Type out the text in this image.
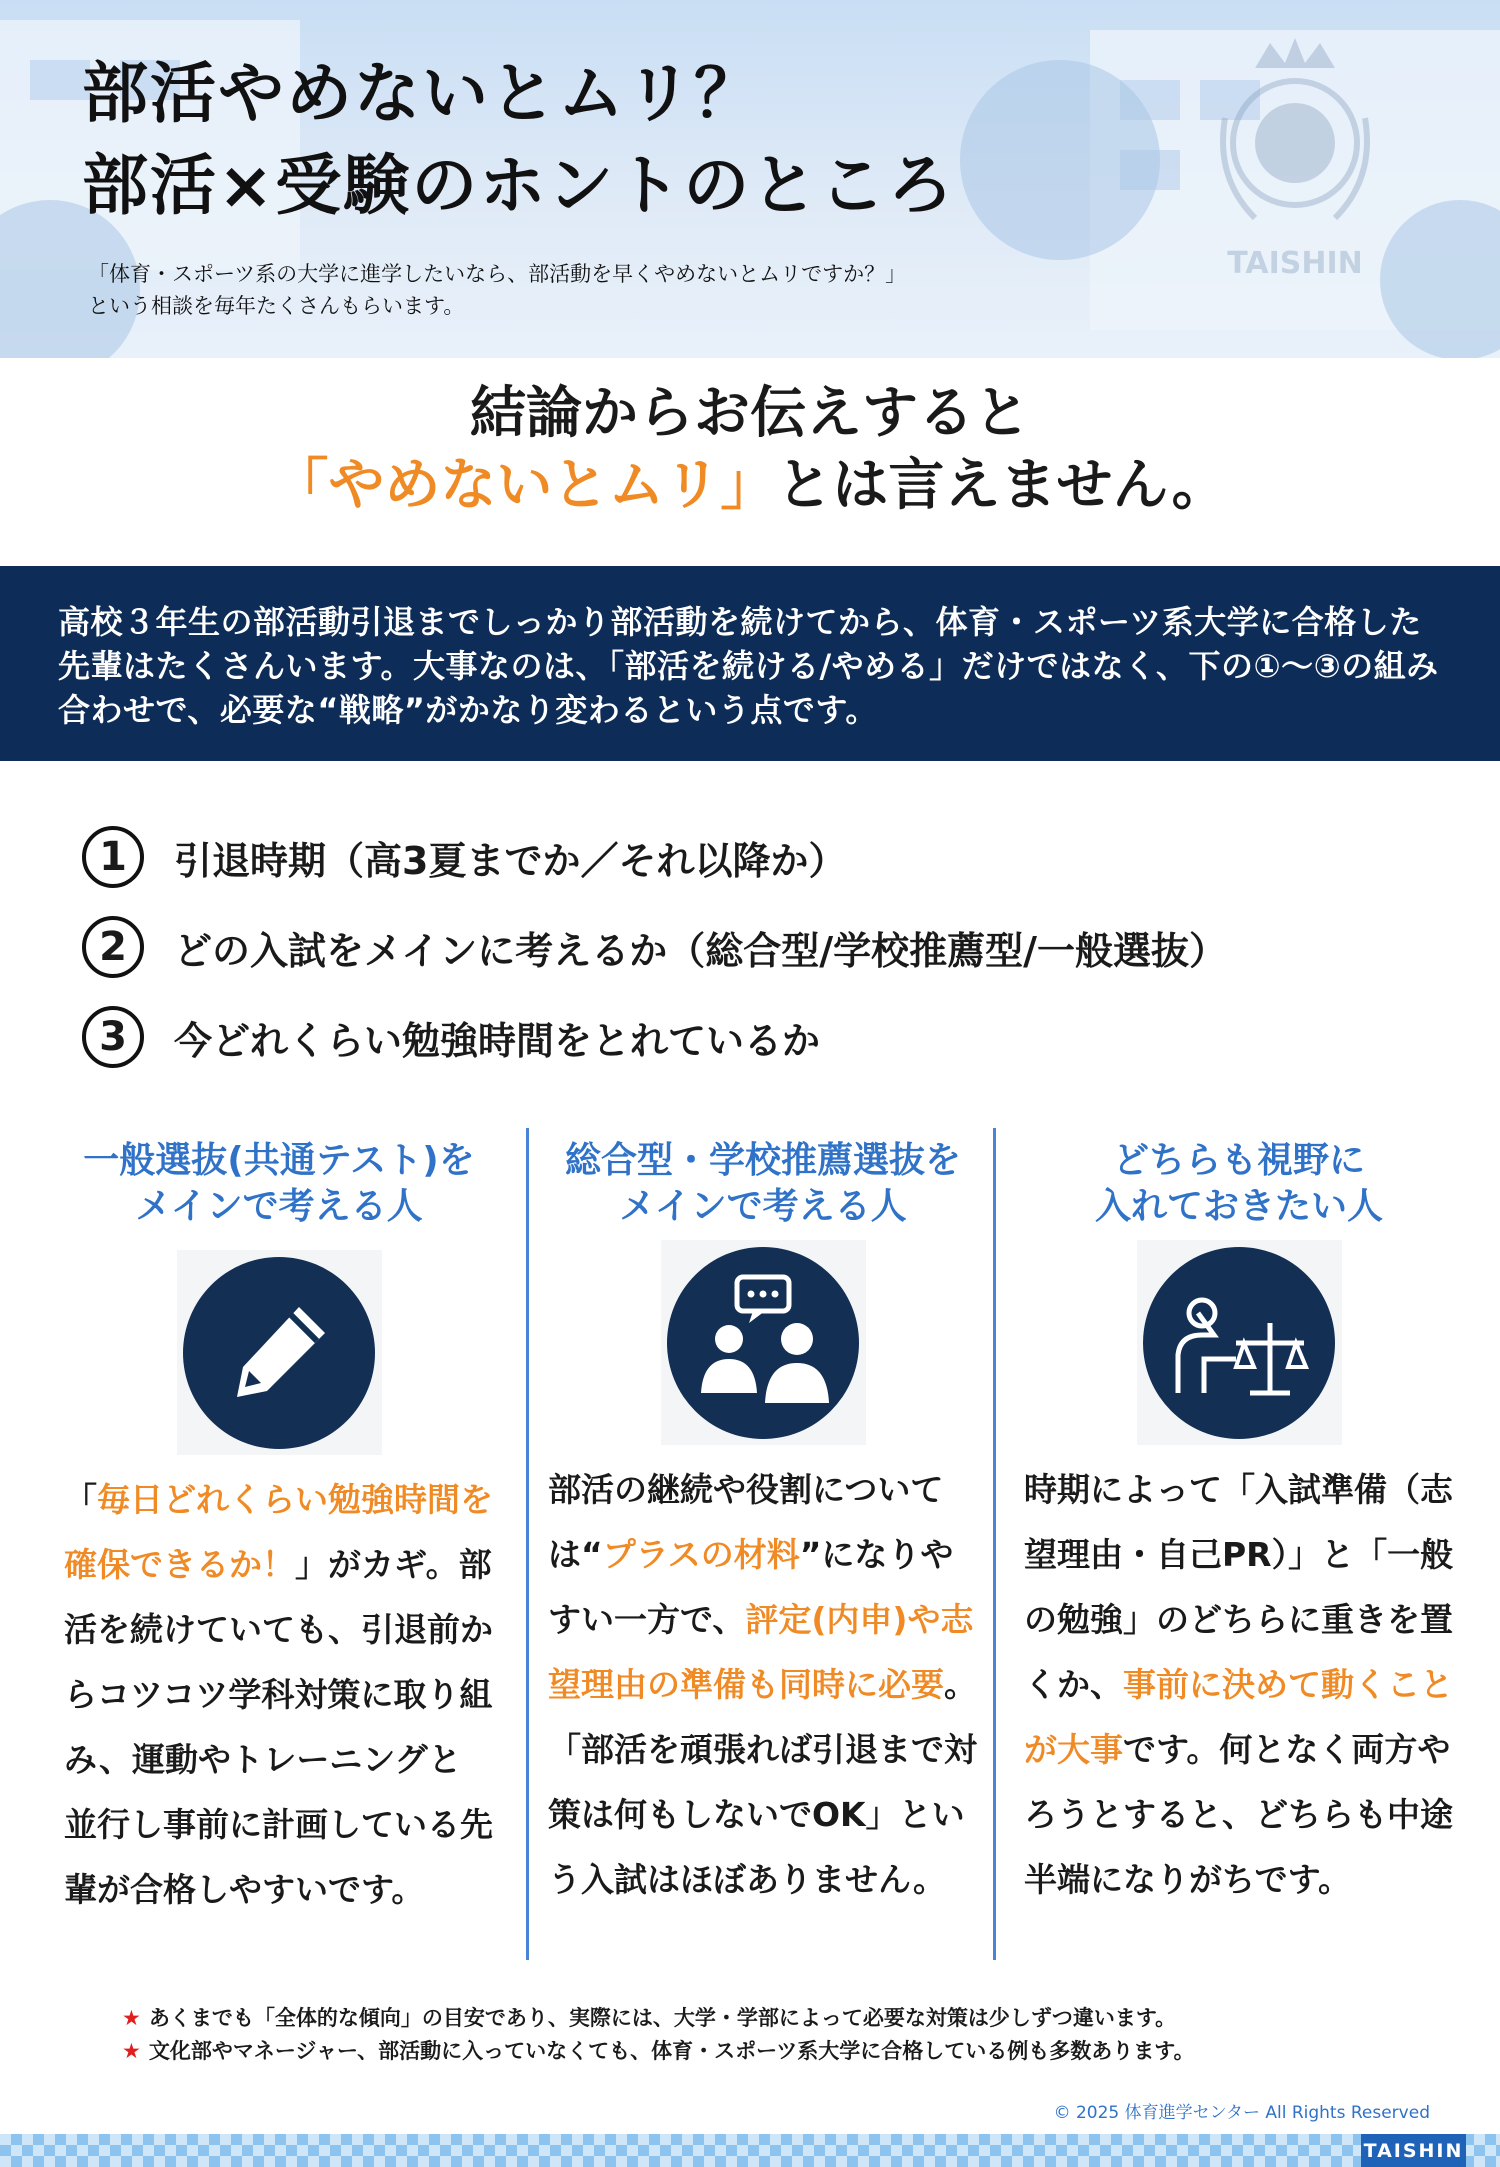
TAISHIN
部活やめないとムリ？
部活×受験のホントのところ
「体育・スポーツ系の大学に進学したいなら、部活動を早くやめないとムリですか？」
という相談を毎年たくさんもらいます。
結論からお伝えすると
「やめないとムリ」とは言えません。

高校３年生の部活動引退までしっかり部活動を続けてから、体育・スポーツ系大学に合格した先輩はたくさんいます。大事なのは、「部活を続ける/やめる」だけではなく、下の①～③の組み合わせで、必要な“戦略”がかなり変わるという点です。

1	引退時期（高3夏までか／それ以降か）
2	どの入試をメインに考えるか（総合型/学校推薦型/一般選抜）
3	今どれくらい勉強時間をとれているか
一般選抜(共通テスト)を
メインで考える人
「毎日どれくらい勉強時間を確保できるか！」がカギ。部活を続けていても、引退前からコツコツ学科対策に取り組み、運動やトレーニングと並行し事前に計画している先輩が合格しやすいです。
総合型・学校推薦選抜を
メインで考える人
部活の継続や役割については“プラスの材料”になりやすい一方で、評定(内申)や志望理由の準備も同時に必要。「部活を頑張れば引退まで対策は何もしないでOK」という入試はほぼありません。
どちらも視野に
入れておきたい人
時期によって「入試準備（志望理由・自己PR）」と「一般の勉強」のどちらに重きを置くか、事前に決めて動くことが大事です。何となく両方やろうとすると、どちらも中途半端になりがちです。
★ あくまでも「全体的な傾向」の目安であり、実際には、大学・学部によって必要な対策は少しずつ違います。
★ 文化部やマネージャー、部活動に入っていなくても、体育・スポーツ系大学に合格している例も多数あります。
© 2025 体育進学センター All Rights Reserved
TAISHIN
